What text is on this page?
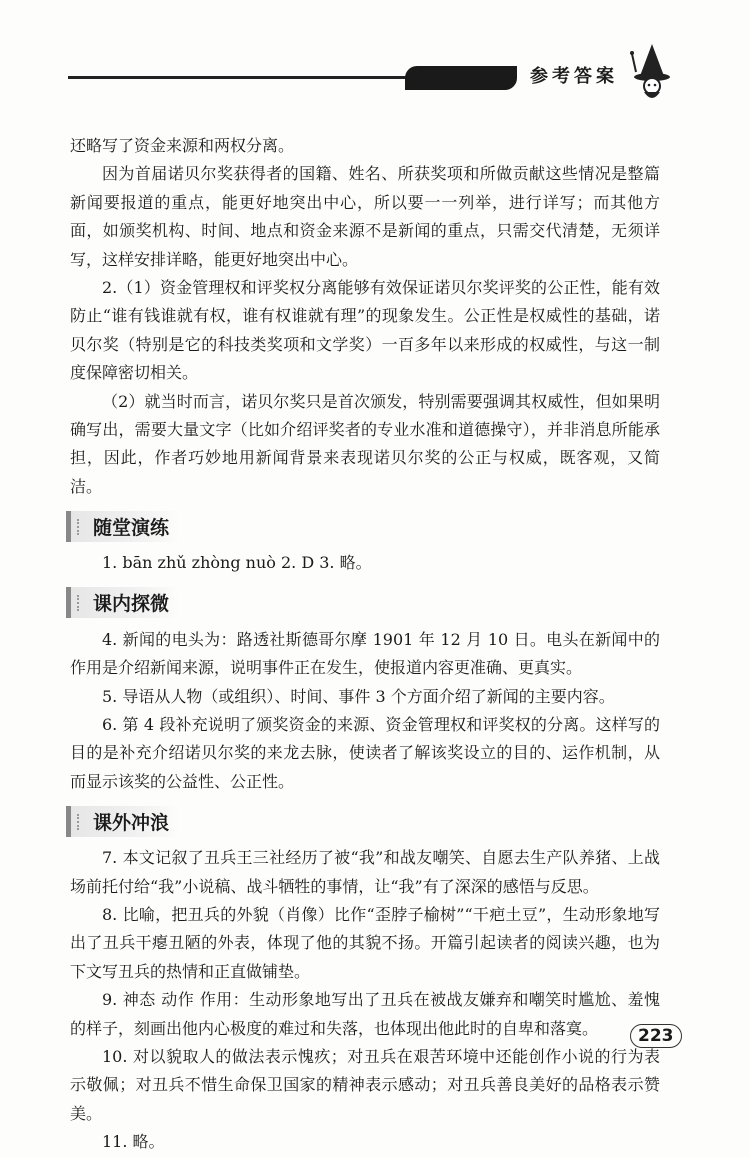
参考答案

还略写了资金来源和两权分离。

因为首届诺贝尔奖获得者的国籍、姓名、所获奖项和所做贡献这些情况是整篇新闻要报道的重点，能更好地突出中心，所以要一一列举，进行详写；而其他方面，如颁奖机构、时间、地点和资金来源不是新闻的重点，只需交代清楚，无须详写，这样安排详略，能更好地突出中心。

2.（1）资金管理权和评奖权分离能够有效保证诺贝尔奖评奖的公正性，能有效防止“谁有钱谁就有权，谁有权谁就有理”的现象发生。公正性是权威性的基础，诺贝尔奖（特别是它的科技类奖项和文学奖）一百多年以来形成的权威性，与这一制度保障密切相关。

（2）就当时而言，诺贝尔奖只是首次颁发，特别需要强调其权威性，但如果明确写出，需要大量文字（比如介绍评奖者的专业水准和道德操守），并非消息所能承担，因此，作者巧妙地用新闻背景来表现诺贝尔奖的公正与权威，既客观，又简洁。

随堂演练

1. bān zhǔ zhòng nuò 2. D 3. 略。

课内探微

4. 新闻的电头为：路透社斯德哥尔摩 1901 年 12 月 10 日。电头在新闻中的作用是介绍新闻来源，说明事件正在发生，使报道内容更准确、更真实。

5. 导语从人物（或组织）、时间、事件 3 个方面介绍了新闻的主要内容。

6. 第 4 段补充说明了颁奖资金的来源、资金管理权和评奖权的分离。这样写的目的是补充介绍诺贝尔奖的来龙去脉，使读者了解该奖设立的目的、运作机制，从而显示该奖的公益性、公正性。

课外冲浪

7. 本文记叙了丑兵王三社经历了被“我”和战友嘲笑、自愿去生产队养猪、上战场前托付给“我”小说稿、战斗牺牲的事情，让“我”有了深深的感悟与反思。

8. 比喻，把丑兵的外貌（肖像）比作“歪脖子榆树”“干疤土豆”，生动形象地写出了丑兵干瘪丑陋的外表，体现了他的其貌不扬。开篇引起读者的阅读兴趣，也为下文写丑兵的热情和正直做铺垫。

9. 神态 动作 作用：生动形象地写出了丑兵在被战友嫌弃和嘲笑时尴尬、羞愧的样子，刻画出他内心极度的难过和失落，也体现出他此时的自卑和落寞。

10. 对以貌取人的做法表示愧疚；对丑兵在艰苦环境中还能创作小说的行为表示敬佩；对丑兵不惜生命保卫国家的精神表示感动；对丑兵善良美好的品格表示赞美。

11. 略。

223
